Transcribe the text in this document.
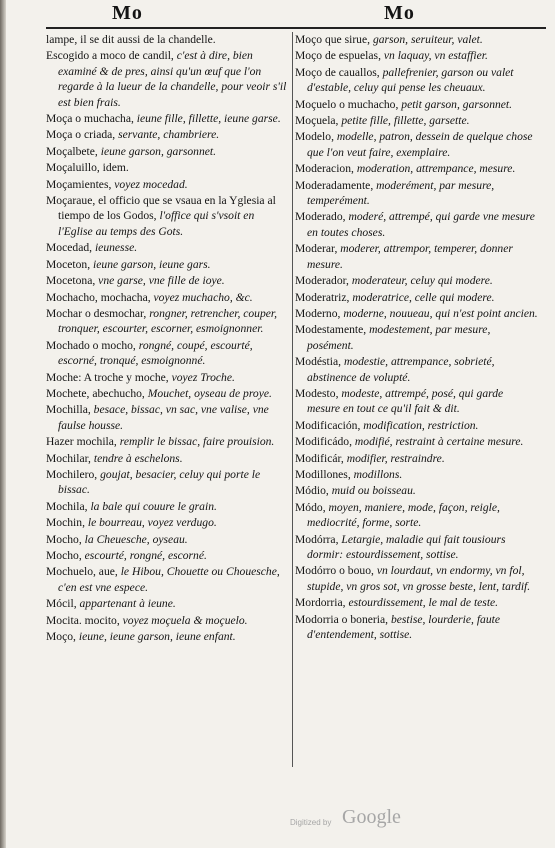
Mo	Mo
lampe, il se dit aussi de la chandelle.
Escogido a moco de candil, c'est à dire, bien examiné & de pres, ainsi qu'un œuf que l'on regarde à la lueur de la chandelle, pour veoir s'il est bien frais.
Moça o muchacha, ieune fille, fillette, ieune garse.
Moça o criada, servante, chambriere.
Moçalbete, ieune garson, garsonnet.
Moçaluillo, idem.
Moçamientes, voyez mocedad.
Moçaraue, el officio que se vsaua en la Yglesia al tiempo de los Godos, l'office qui s'vsoit en l'Eglise au temps des Gots.
Mocedad, ieunesse.
Moceton, ieune garson, ieune gars.
Mocetona, vne garse, vne fille de ioye.
Mochacho, mochacha, voyez muchacho, &c.
Mochar o desmochar, rongner, retrencher, couper, tronquer, escourter, escorner, esmoignonner.
Mochado o mocho, rongné, coupé, escourté, escorné, tronqué, esmoignonné.
Moche: A troche y moche, voyez Troche.
Mochete, abechucho, Mouchet, oyseau de proye.
Mochilla, besace, bissac, vn sac, vne valise, vne faulse housse.
Hazer mochila, remplir le bissac, faire prouision.
Mochilar, tendre à eschelons.
Mochilero, goujat, besacier, celuy qui porte le bissac.
Mochila, la bale qui couure le grain.
Mochin, le bourreau, voyez verdugo.
Mocho, la Cheuesche, oyseau.
Mocho, escourté, rongné, escorné.
Mochuelo, aue, le Hibou, Chouette ou Chouesche, c'en est vne espece.
Mócil, appartenant à ieune.
Mocita. mocito, voyez moçuela & moçuelo.
Moço, ieune, ieune garson, ieune enfant.
Moço que sirue, garson, seruiteur, valet.
Moço de espuelas, vn laquay, vn estaffier.
Moço de cauallos, pallefrenier, garson ou valet d'estable, celuy qui pense les cheuaux.
Moçuelo o muchacho, petit garson, garsonnet.
Moçuela, petite fille, fillette, garsette.
Modelo, modelle, patron, dessein de quelque chose que l'on veut faire, exemplaire.
Moderacion, moderation, attrempance, mesure.
Moderadamente, moderément, par mesure, temperément.
Moderado, moderé, attrempé, qui garde vne mesure en toutes choses.
Moderar, moderer, attrempor, temperer, donner mesure.
Moderador, moderateur, celuy qui modere.
Moderatriz, moderatrice, celle qui modere.
Moderno, moderne, nouueau, qui n'est point ancien.
Modestamente, modestement, par mesure, posément.
Modéstia, modestie, attrempance, sobrieté, abstinence de volupté.
Modesto, modeste, attrempé, posé, qui garde mesure en tout ce qu'il fait & dit.
Modificación, modification, restriction.
Modificádo, modifié, restraint à certaine mesure.
Modificár, modifier, restraindre.
Modillones, modillons.
Módio, muid ou boisseau.
Módo, moyen, maniere, mode, façon, reigle, mediocrité, forme, sorte.
Modórra, Letargie, maladie qui fait tousiours dormir: estourdissement, sottise.
Modórro o bouo, vn lourdaut, vn endormy, vn fol, stupide, vn gros sot, vn grosse beste, lent, tardif.
Mordorria, estourdissement, le mal de teste.
Modorria o boneria, bestise, lourderie, faute d'entendement, sottise.
Digitized by Google
